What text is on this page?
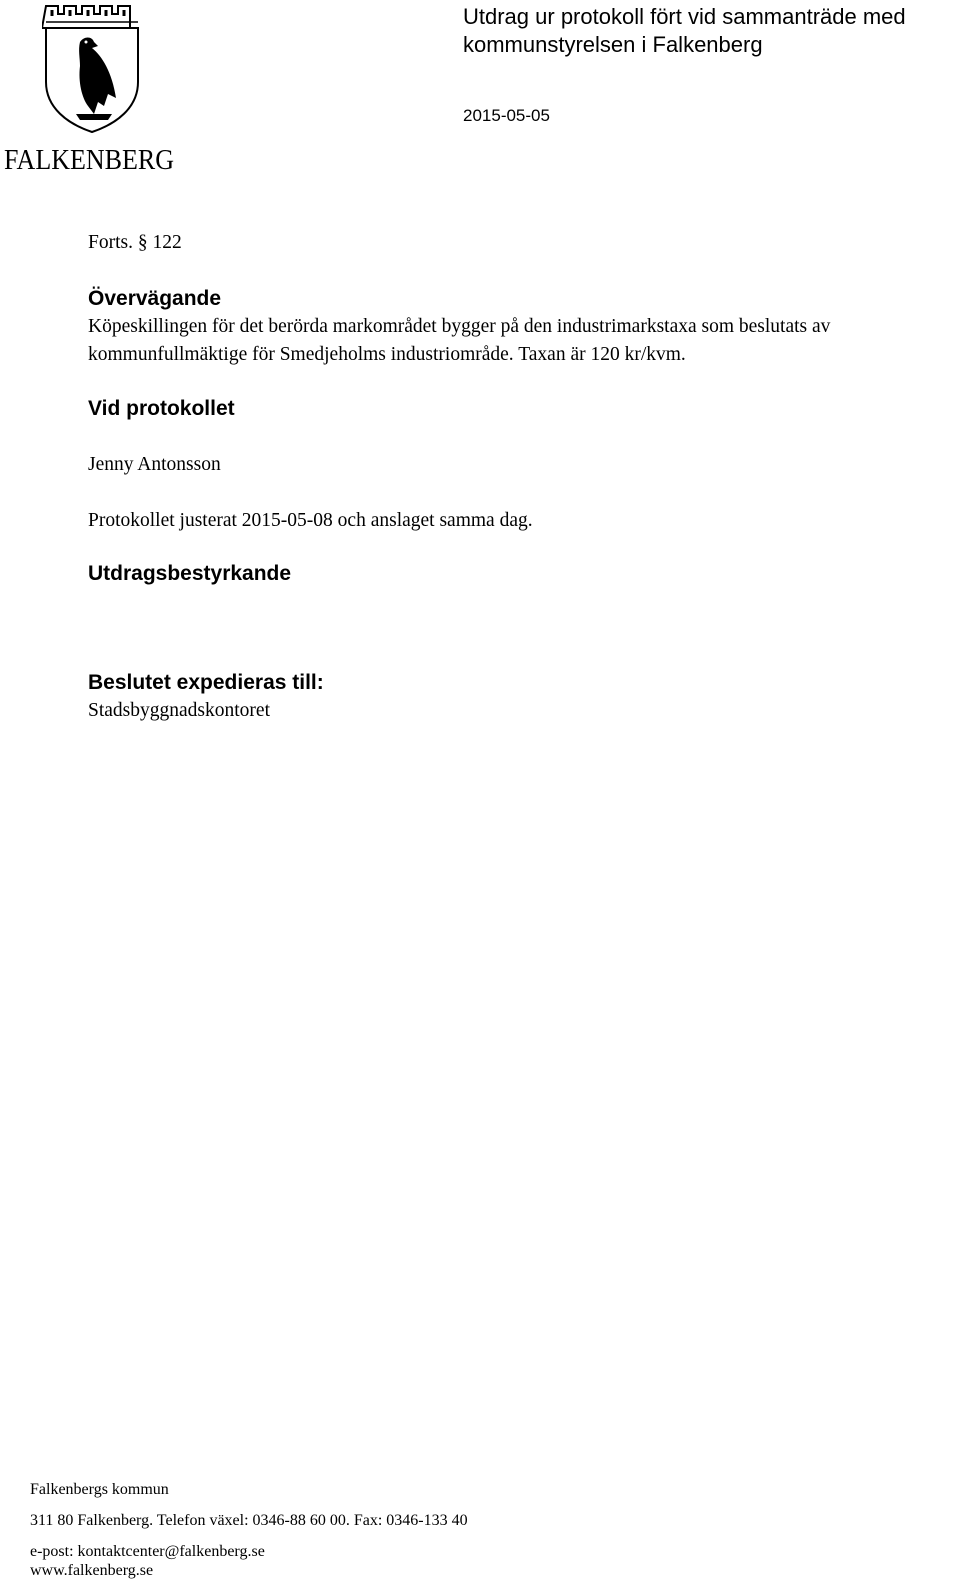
FALKENBERG
Utdrag ur protokoll fört vid sammanträde med
kommunstyrelsen i Falkenberg
2015-05-05
Forts. § 122
Övervägande
Köpeskillingen för det berörda markområdet bygger på den industrimarkstaxa som beslutats av kommunfullmäktige för Smedjeholms industriområde. Taxan är 120 kr/kvm.
Vid protokollet
Jenny Antonsson
Protokollet justerat 2015-05-08 och anslaget samma dag.
Utdragsbestyrkande
Beslutet expedieras till:
Stadsbyggnadskontoret
Falkenbergs kommun
311 80 Falkenberg. Telefon växel: 0346-88 60 00. Fax: 0346-133 40
e-post: kontaktcenter@falkenberg.se
www.falkenberg.se
